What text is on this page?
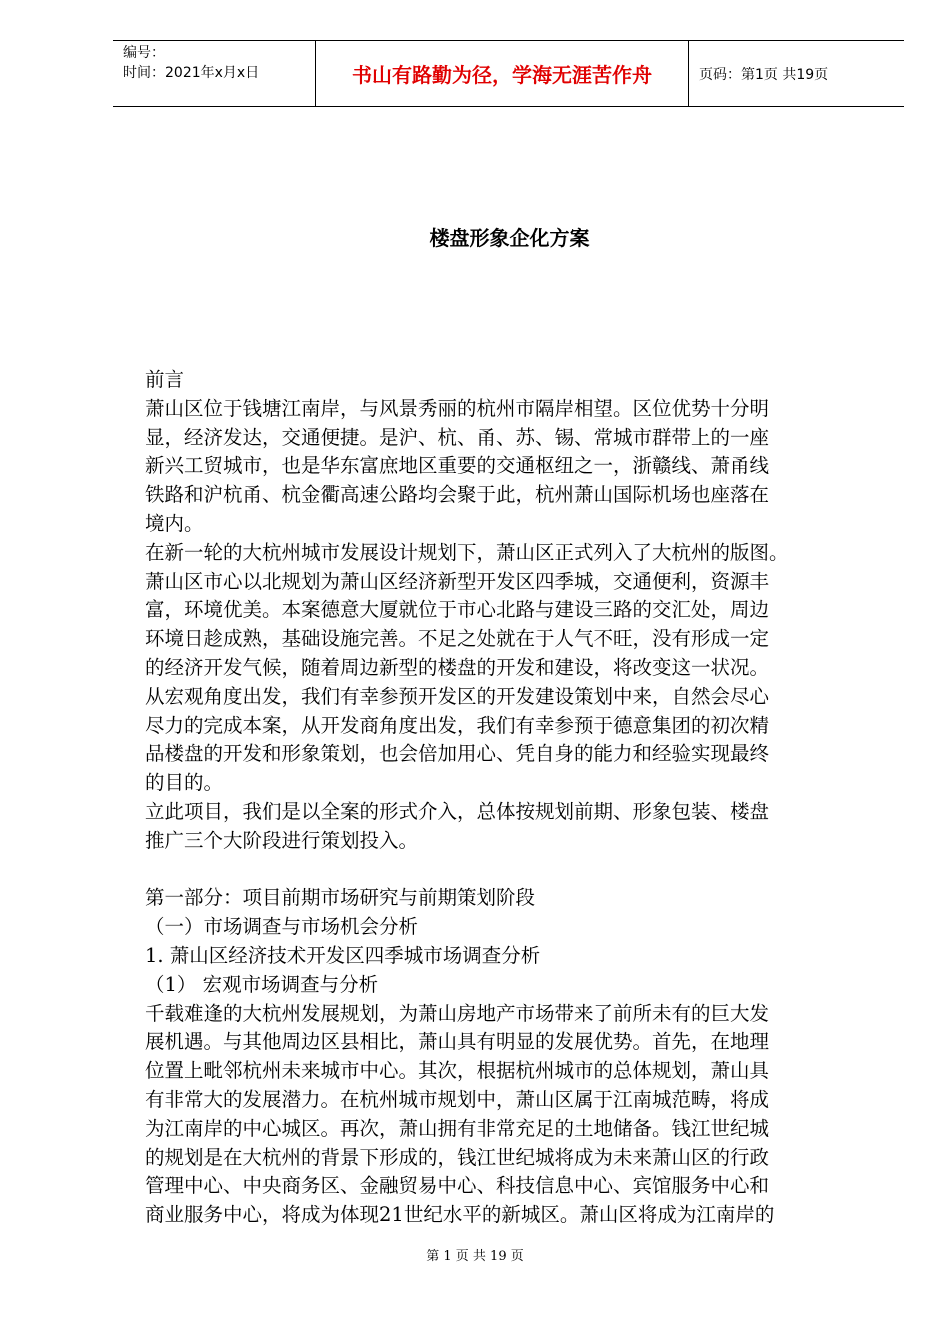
编号：
时间：2021年x月x日	书山有路勤为径，学海无涯苦作舟	页码：第1页 共19页
楼盘形象企化方案

前言

萧山区位于钱塘江南岸，与风景秀丽的杭州市隔岸相望。区位优势十分明

显，经济发达，交通便捷。是沪、杭、甬、苏、锡、常城市群带上的一座

新兴工贸城市，也是华东富庶地区重要的交通枢纽之一，浙赣线、萧甬线

铁路和沪杭甬、杭金衢高速公路均会聚于此，杭州萧山国际机场也座落在

境内。

在新一轮的大杭州城市发展设计规划下，萧山区正式列入了大杭州的版图。

萧山区市心以北规划为萧山区经济新型开发区四季城，交通便利，资源丰

富，环境优美。本案德意大厦就位于市心北路与建设三路的交汇处，周边

环境日趁成熟，基础设施完善。不足之处就在于人气不旺，没有形成一定

的经济开发气候，随着周边新型的楼盘的开发和建设，将改变这一状况。

从宏观角度出发，我们有幸参预开发区的开发建设策划中来，自然会尽心

尽力的完成本案，从开发商角度出发，我们有幸参预于德意集团的初次精

品楼盘的开发和形象策划，也会倍加用心、凭自身的能力和经验实现最终

的目的。

立此项目，我们是以全案的形式介入，总体按规划前期、形象包装、楼盘

推广三个大阶段进行策划投入。

第一部分：项目前期市场研究与前期策划阶段

（一）市场调查与市场机会分析

1. 萧山区经济技术开发区四季城市场调查分析

（1） 宏观市场调查与分析

千载难逢的大杭州发展规划，为萧山房地产市场带来了前所未有的巨大发

展机遇。与其他周边区县相比，萧山具有明显的发展优势。首先，在地理

位置上毗邻杭州未来城市中心。其次，根据杭州城市的总体规划，萧山具

有非常大的发展潜力。在杭州城市规划中，萧山区属于江南城范畴，将成

为江南岸的中心城区。再次，萧山拥有非常充足的土地储备。钱江世纪城

的规划是在大杭州的背景下形成的，钱江世纪城将成为未来萧山区的行政

管理中心、中央商务区、金融贸易中心、科技信息中心、宾馆服务中心和

商业服务中心，将成为体现21世纪水平的新城区。萧山区将成为江南岸的

第 1 页 共 19 页
